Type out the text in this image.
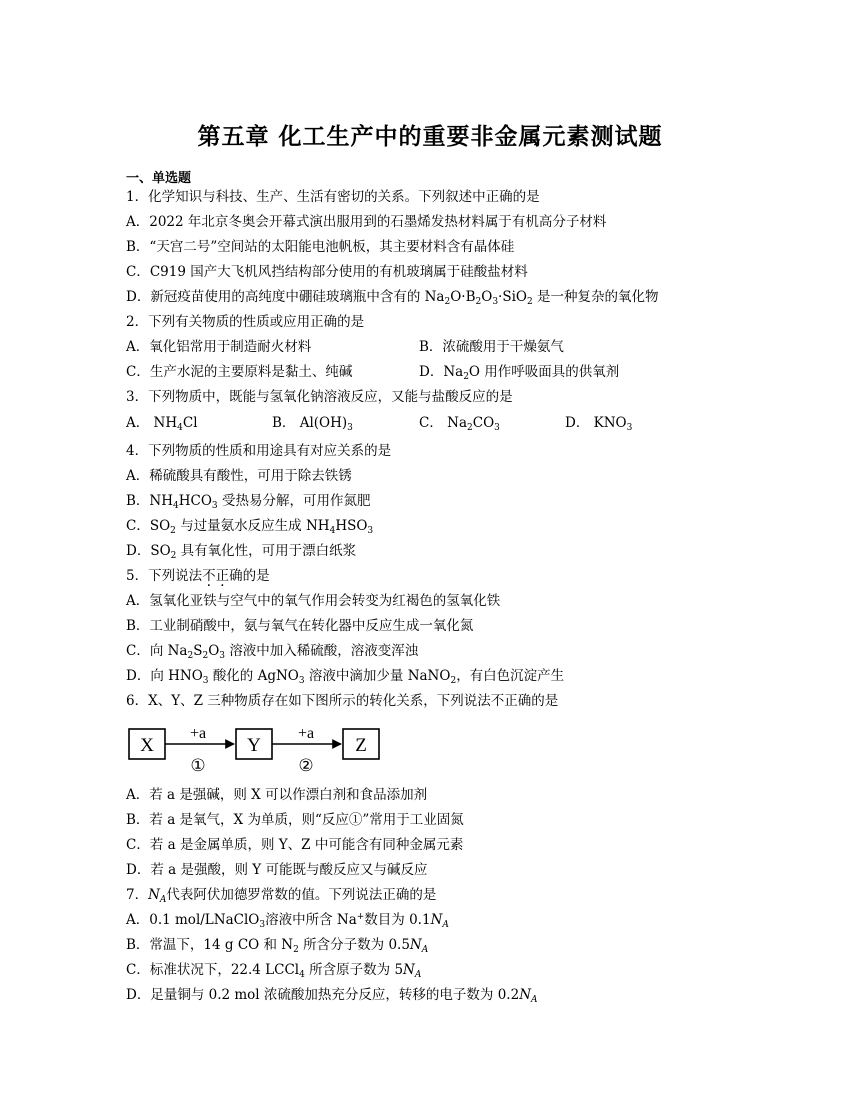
第五章 化工生产中的重要非金属元素测试题
一、单选题
1．化学知识与科技、生产、生活有密切的关系。下列叙述中正确的是
A．2022 年北京冬奥会开幕式演出服用到的石墨烯发热材料属于有机高分子材料
B．“天宫二号”空间站的太阳能电池帆板，其主要材料含有晶体硅
C．C919 国产大飞机风挡结构部分使用的有机玻璃属于硅酸盐材料
D．新冠疫苗使用的高纯度中硼硅玻璃瓶中含有的 $Na_2O\cdot B_2O_3\cdot SiO_2$ 是一种复杂的氧化物
2．下列有关物质的性质或应用正确的是
A．氧化铝常用于制造耐火材料	B．浓硫酸用于干燥氨气
C．生产水泥的主要原料是黏土、纯碱	D．$Na_2O$ 用作呼吸面具的供氧剂
3．下列物质中，既能与氢氧化钠溶液反应，又能与盐酸反应的是
A． $NH_4Cl$	B． $Al(OH)_3$	C． $Na_2CO_3$	D． $KNO_3$
4．下列物质的性质和用途具有对应关系的是
A．稀硫酸具有酸性，可用于除去铁锈
B．$NH_4HCO_3$ 受热易分解，可用作氮肥
C．$SO_2$ 与过量氨水反应生成 $NH_4HSO_3$
D．$SO_2$ 具有氧化性，可用于漂白纸浆
5．下列说法不正确的是
A．氢氧化亚铁与空气中的氧气作用会转变为红褐色的氢氧化铁
B．工业制硝酸中，氨与氧气在转化器中反应生成一氧化氮
C．向 $Na_2S_2O_3$ 溶液中加入稀硫酸，溶液变浑浊
D．向 $HNO_3$ 酸化的 AgNO$_3$ 溶液中滴加少量 NaNO$_2$，有白色沉淀产生
6．X、Y、Z 三种物质存在如下图所示的转化关系，下列说法不正确的是
X
+a
①
Y
+a
②
Z
A．若 a 是强碱，则 X 可以作漂白剂和食品添加剂
B．若 a 是氧气，X 为单质，则“反应①”常用于工业固氮
C．若 a 是金属单质，则 Y、Z 中可能含有同种金属元素
D．若 a 是强酸，则 Y 可能既与酸反应又与碱反应
7．$N_A$代表阿伏加德罗常数的值。下列说法正确的是
A．0.1 mol/LNaClO$_3$溶液中所含 Na+数目为 $0.1N_A$
B．常温下，14 g CO 和 $N_2$ 所含分子数为 $0.5N_A$
C．标准状况下，22.4 LCCl$_4$ 所含原子数为 $5N_A$
D．足量铜与 0.2 mol 浓硫酸加热充分反应，转移的电子数为 $0.2N_A$
